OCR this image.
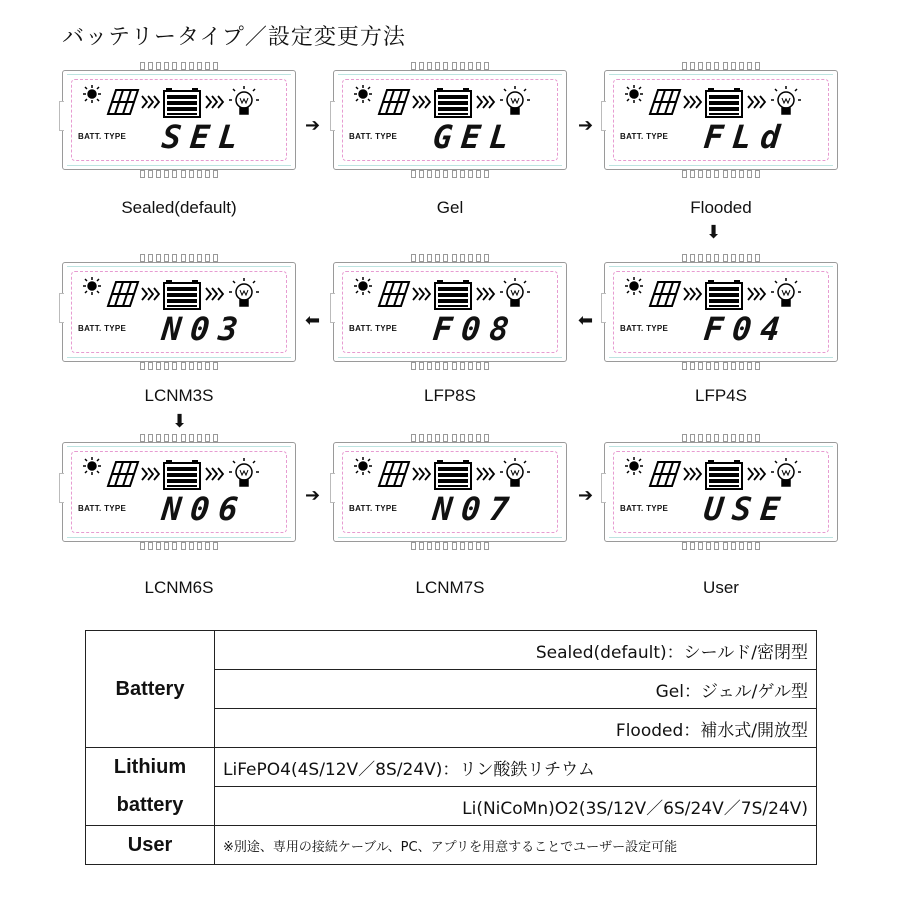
バッテリータイプ／設定変更方法
BATT. TYPE SEL
Sealed(default)
BATT. TYPE GEL
Gel
BATT. TYPE FLd
Flooded
BATT. TYPE N03
LCNM3S
BATT. TYPE F08
LFP8S
BATT. TYPE F04
LFP4S
BATT. TYPE N06
LCNM6S
BATT. TYPE N07
LCNM7S
BATT. TYPE USE
User
➔	➔
⬇
⬅
⬅
⬇
➔	➔
Battery	Sealed(default)：シールド/密閉型
	Gel：ジェル/ゲル型
	Flooded：補水式/開放型
Lithium	LiFePO4(4S/12V／8S/24V)：リン酸鉄リチウム
battery	Li(NiCoMn)O2(3S/12V／6S/24V／7S/24V)
User	※別途、専用の接続ケーブル、PC、アプリを用意することでユーザー設定可能
